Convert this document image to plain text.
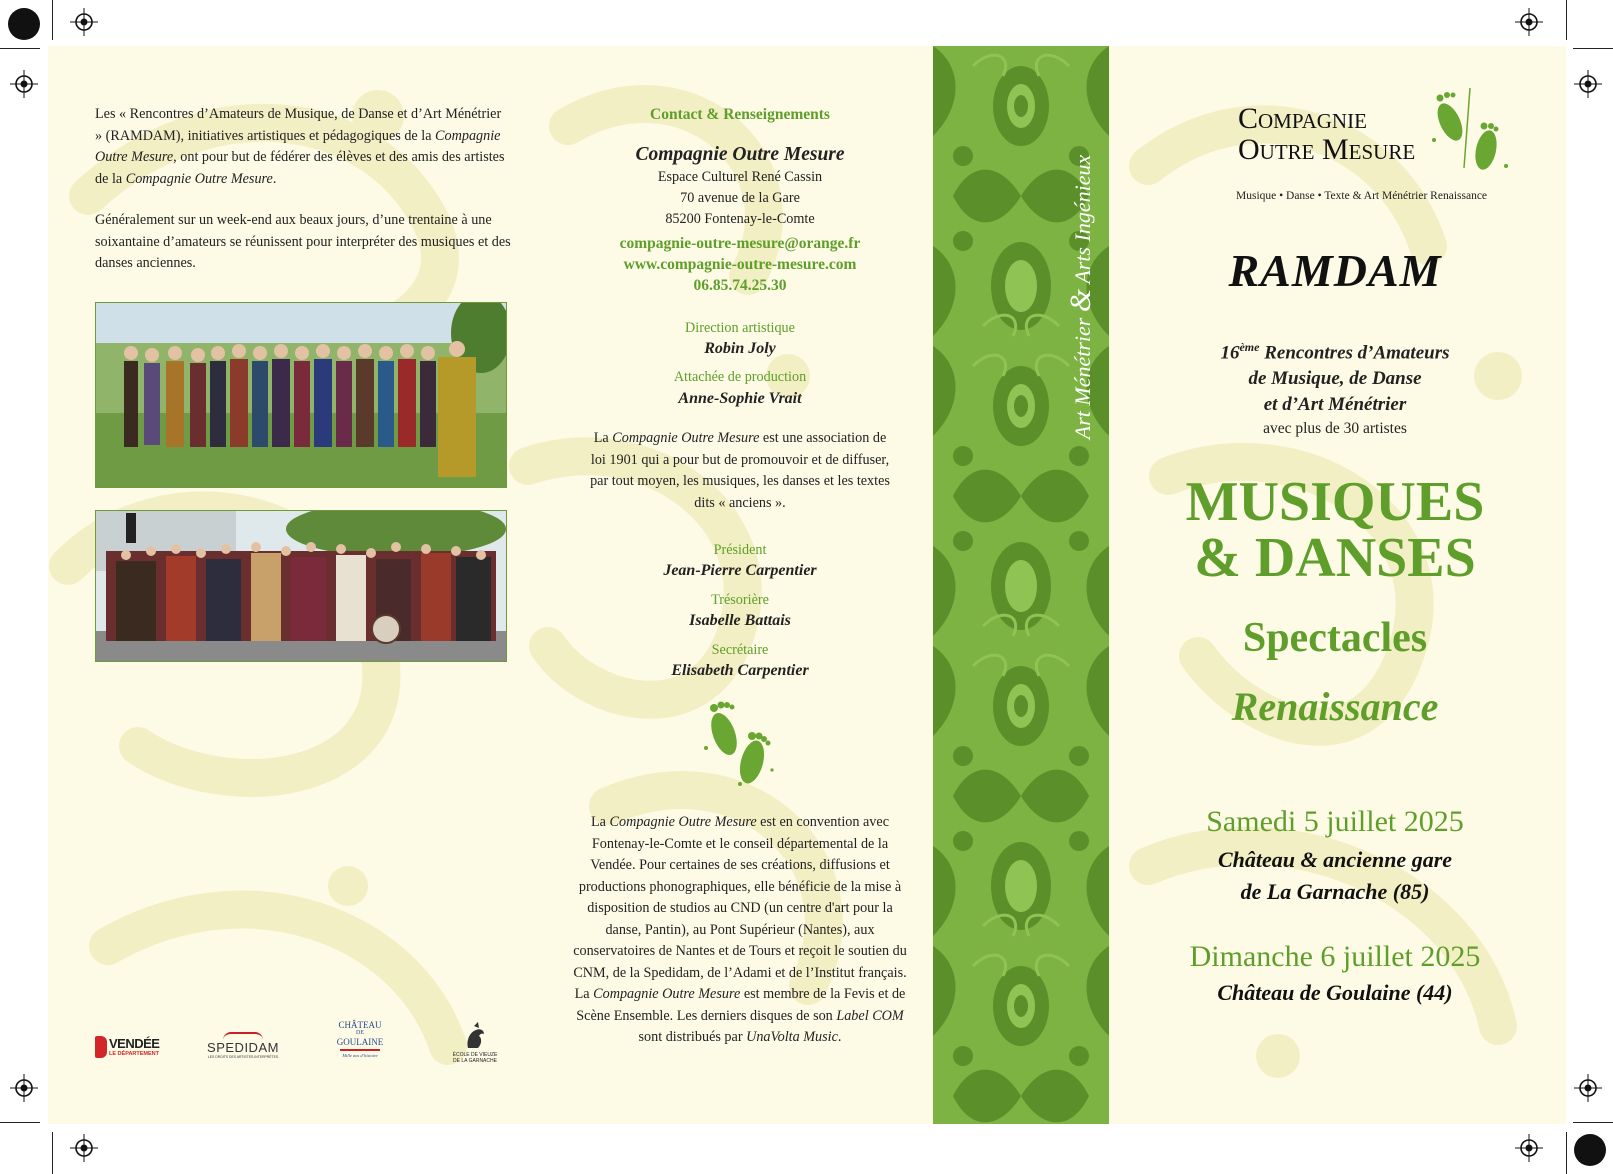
Les « Rencontres d’Amateurs de Musique, de Danse et d’Art Ménétrier » (RAMDAM), initiatives artistiques et pédagogiques de la Compagnie Outre Mesure, ont pour but de fédérer des élèves et des amis des artistes de la Compagnie Outre Mesure.

Généralement sur un week-end aux beaux jours, d’une trentaine à une soixantaine d’amateurs se réunissent pour interpréter des musiques et des danses anciennes.

VENDÉE
LE DÉPARTEMENT	SPEDIDAM
LES DROITS DES ARTISTES-INTERPRÈTES
CHÂTEAU
DE
GOULAINE
Mille ans d’histoire	ÉCOLE DE VIEUZE
DE LA GARNACHE
Contact & Renseignements
Compagnie Outre Mesure
Espace Culturel René Cassin
70 avenue de la Gare
85200 Fontenay-le-Comte
compagnie-outre-mesure@orange.fr
www.compagnie-outre-mesure.com
06.85.74.25.30
Direction artistique
Robin Joly
Attachée de production
Anne-Sophie Vrait
La Compagnie Outre Mesure est une association de loi 1901 qui a pour but de promouvoir et de diffuser, par tout moyen, les musiques, les danses et les textes dits « anciens ».
Président
Jean-Pierre Carpentier
Trésorière
Isabelle Battais
Secrétaire
Elisabeth Carpentier
La Compagnie Outre Mesure est en convention avec Fontenay-le-Comte et le conseil départemental de la Vendée. Pour certaines de ses créations, diffusions et productions phonographiques, elle bénéficie de la mise à disposition de studios au CND (un centre d'art pour la danse, Pantin), au Pont Supérieur (Nantes), aux conservatoires de Nantes et de Tours et reçoit le soutien du CNM, de la Spedidam, de l’Adami et de l’Institut français. La Compagnie Outre Mesure est membre de la Fevis et de Scène Ensemble. Les derniers disques de son Label COM sont distribués par UnaVolta Music.
Art Ménétrier & Arts Ingénieux
Compagnie
Outre Mesure
Musique • Danse • Texte & Art Ménétrier Renaissance
RAMDAM
16ème Rencontres d’Amateurs
de Musique, de Danse
et d’Art Ménétrier
avec plus de 30 artistes
MUSIQUES
& DANSES
Spectacles
Renaissance
Samedi 5 juillet 2025
Château & ancienne gare
de La Garnache (85)
Dimanche 6 juillet 2025
Château de Goulaine (44)
